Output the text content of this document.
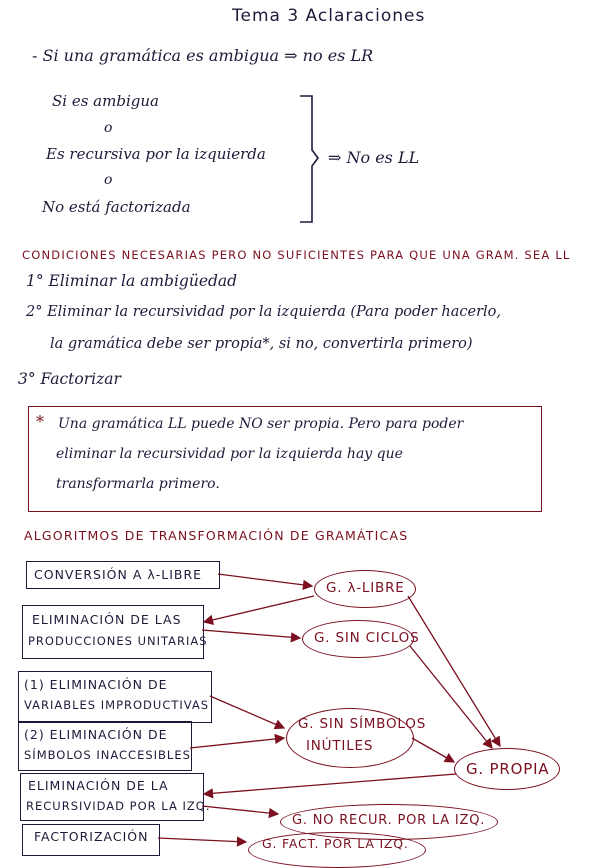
Tema 3 Aclaraciones
- Si una gramática es ambigua ⇒ no es LR
Si es ambigua
o
Es recursiva por la izquierda
o
No está factorizada
⇒ No es LL
CONDICIONES NECESARIAS PERO NO SUFICIENTES PARA QUE UNA GRAM. SEA LL
1° Eliminar la ambigüedad
2° Eliminar la recursividad por la izquierda (Para poder hacerlo,
la gramática debe ser propia*, si no, convertirla primero)
3° Factorizar
* Una gramática LL puede NO ser propia. Pero para poder
eliminar la recursividad por la izquierda hay que
transformarla primero.
ALGORITMOS DE TRANSFORMACIÓN DE GRAMÁTICAS
CONVERSIÓN A λ-LIBRE
ELIMINACIÓN DE LAS
PRODUCCIONES UNITARIAS
(1) ELIMINACIÓN DE
VARIABLES IMPRODUCTIVAS
(2) ELIMINACIÓN DE
SÍMBOLOS INACCESIBLES
ELIMINACIÓN DE LA
RECURSIVIDAD POR LA IZQ.
FACTORIZACIÓN
G. λ-LIBRE
G. SIN CICLOS
G. SIN SÍMBOLOS
INÚTILES
G. PROPIA
G. NO RECUR. POR LA IZQ.
G. FACT. POR LA IZQ.
